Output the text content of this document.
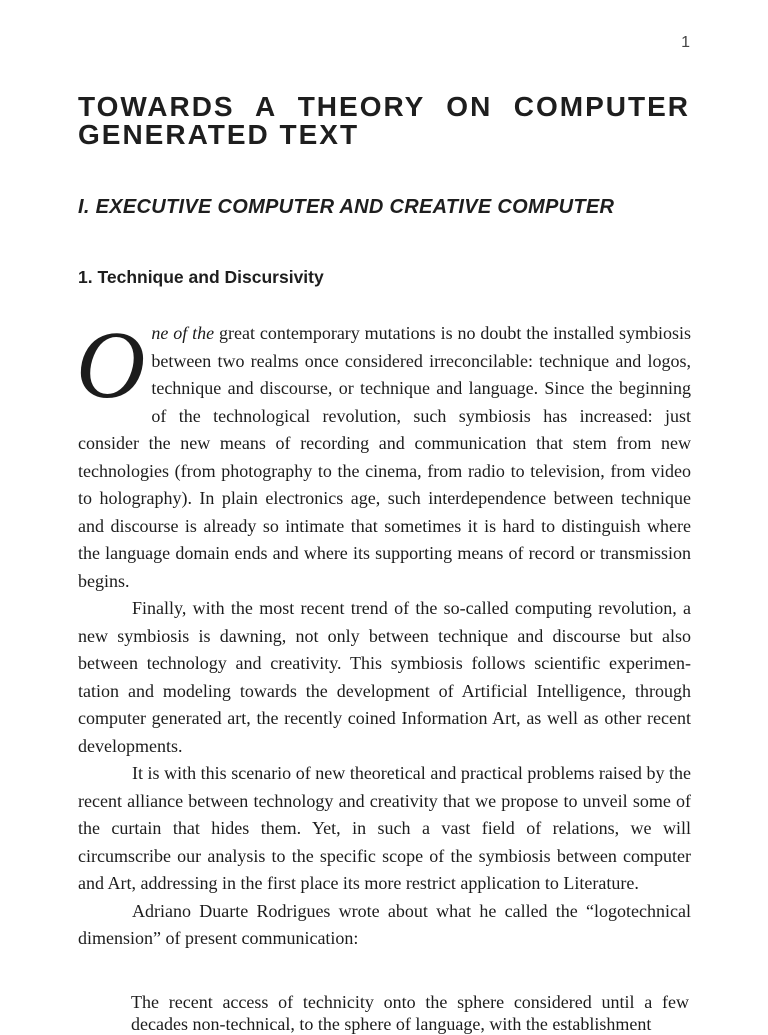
1
TOWARDS A THEORY ON COMPUTER
GENERATED TEXT
I. EXECUTIVE COMPUTER AND CREATIVE COMPUTER
1. Technique and Discursivity

One of the great contemporary mutations is no doubt the installed symbiosis between two realms once considered irreconcilable: technique and logos, technique and discourse, or technique and language. Since the beginning of the technological revolution, such symbiosis has increased: just consider the new means of recording and communication that stem from new technologies (from photography to the cinema, from radio to television, from video to holography). In plain electronics age, such interdependence between technique and discourse is already so intimate that sometimes it is hard to distinguish where the language domain ends and where its supporting means of record or transmission begins.

Finally, with the most recent trend of the so-called computing revolution, a new symbiosis is dawning, not only between technique and discourse but also between technology and creativity. This symbiosis follows scientific experimentation and modeling towards the development of Artificial Intelligence, through computer generated art, the recently coined Information Art, as well as other recent developments.

It is with this scenario of new theoretical and practical problems raised by the recent alliance between technology and creativity that we propose to unveil some of the curtain that hides them. Yet, in such a vast field of relations, we will circumscribe our analysis to the specific scope of the symbiosis between computer and Art, addressing in the first place its more restrict application to Literature.

Adriano Duarte Rodrigues wrote about what he called the “logotechnical dimension” of present communication:

The recent access of technicity onto the sphere considered until a few decades non-technical, to the sphere of language, with the establishment
